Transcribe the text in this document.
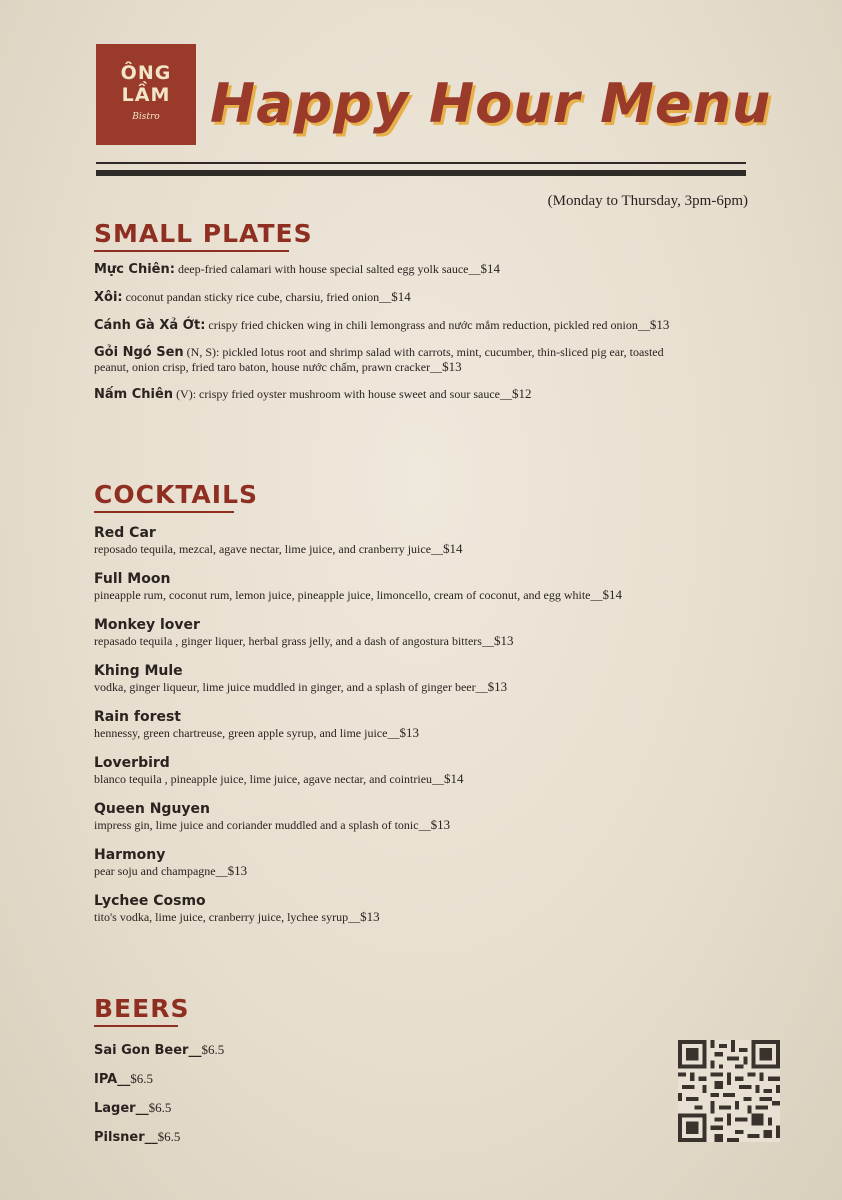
ÔNG
LẦM
Bistro Happy Hour Menu

(Monday to Thursday, 3pm-6pm)

SMALL PLATES

Mực Chiên: deep-fried calamari with house special salted egg yolk sauce__$14

Xôi: coconut pandan sticky rice cube, charsiu, fried onion__$14

Cánh Gà Xả Ớt: crispy fried chicken wing in chili lemongrass and nước mắm reduction, pickled red onion__$13

Gỏi Ngó Sen (N, S): pickled lotus root and shrimp salad with carrots, mint, cucumber, thin-sliced pig ear, toasted peanut, onion crisp, fried taro baton, house nước chấm, prawn cracker__$13

Nấm Chiên (V): crispy fried oyster mushroom with house sweet and sour sauce__$12

COCKTAILS

Red Car
reposado tequila, mezcal, agave nectar, lime juice, and cranberry juice__$14

Full Moon
pineapple rum, coconut rum, lemon juice, pineapple juice, limoncello, cream of coconut, and egg white__$14

Monkey lover
repasado tequila , ginger liquer, herbal grass jelly, and a dash of angostura bitters__$13

Khing Mule
vodka, ginger liqueur, lime juice muddled in ginger, and a splash of ginger beer__$13

Rain forest
hennessy, green chartreuse, green apple syrup, and lime juice__$13

Loverbird
blanco tequila , pineapple juice, lime juice, agave nectar, and cointrieu__$14

Queen Nguyen
impress gin, lime juice and coriander muddled and a splash of tonic__$13

Harmony
pear soju and champagne__$13

Lychee Cosmo
tito's vodka, lime juice, cranberry juice, lychee syrup__$13

BEERS

Sai Gon Beer__$6.5

IPA__$6.5

Lager__$6.5

Pilsner__$6.5
